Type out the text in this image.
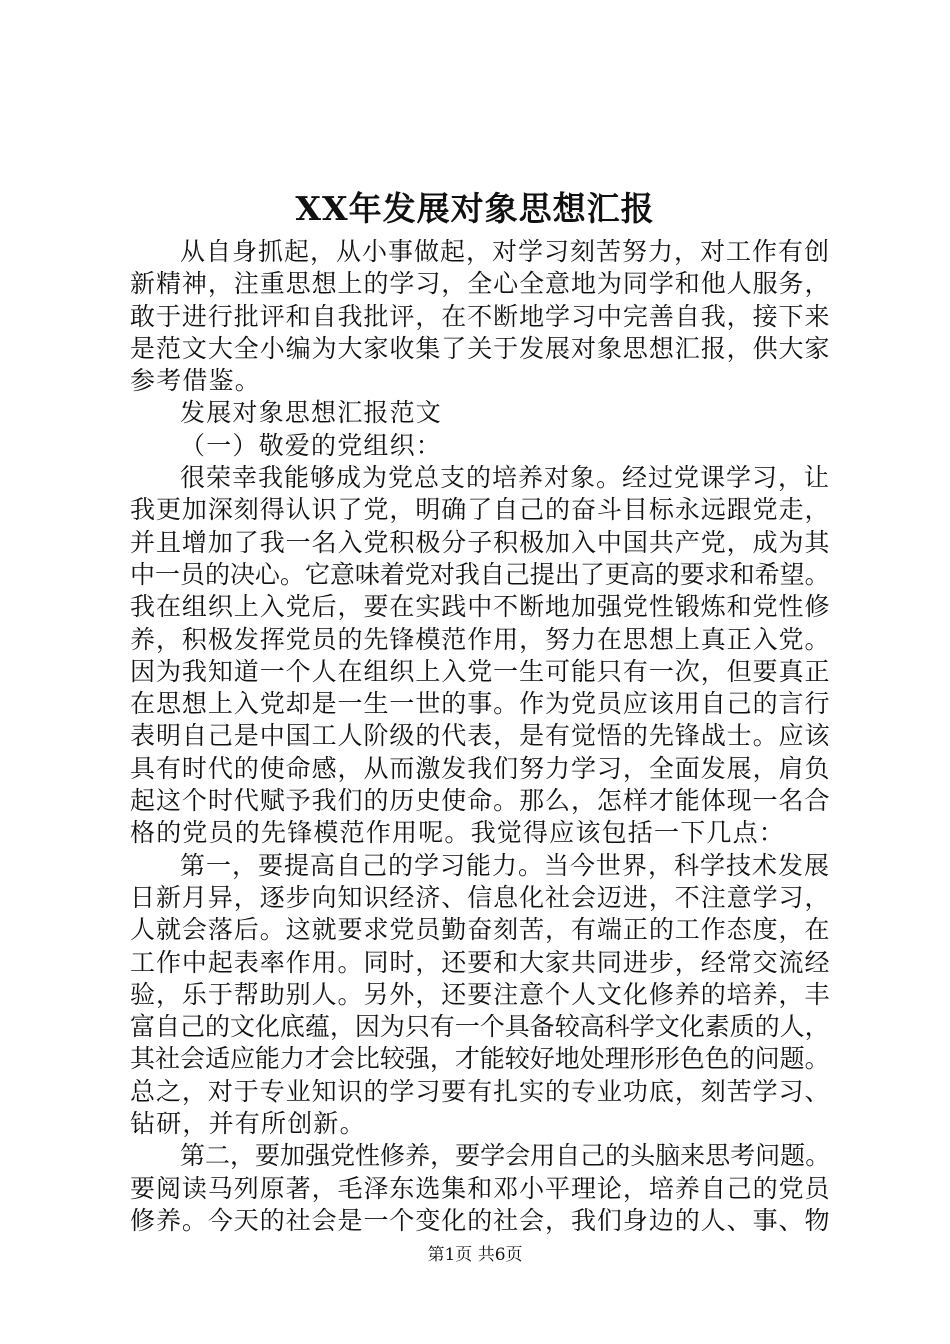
XX年发展对象思想汇报
从自身抓起，从小事做起，对学习刻苦努力，对工作有创
新精神，注重思想上的学习，全心全意地为同学和他人服务，
敢于进行批评和自我批评，在不断地学习中完善自我，接下来
是范文大全小编为大家收集了关于发展对象思想汇报，供大家
参考借鉴。
发展对象思想汇报范文
（一）敬爱的党组织：
很荣幸我能够成为党总支的培养对象。经过党课学习，让
我更加深刻得认识了党，明确了自己的奋斗目标永远跟党走，
并且增加了我一名入党积极分子积极加入中国共产党，成为其
中一员的决心。它意味着党对我自己提出了更高的要求和希望。
我在组织上入党后，要在实践中不断地加强党性锻炼和党性修
养，积极发挥党员的先锋模范作用，努力在思想上真正入党。
因为我知道一个人在组织上入党一生可能只有一次，但要真正
在思想上入党却是一生一世的事。作为党员应该用自己的言行
表明自己是中国工人阶级的代表，是有觉悟的先锋战士。应该
具有时代的使命感，从而激发我们努力学习，全面发展，肩负
起这个时代赋予我们的历史使命。那么，怎样才能体现一名合
格的党员的先锋模范作用呢。我觉得应该包括一下几点：
第一，要提高自己的学习能力。当今世界，科学技术发展
日新月异，逐步向知识经济、信息化社会迈进，不注意学习，
人就会落后。这就要求党员勤奋刻苦，有端正的工作态度，在
工作中起表率作用。同时，还要和大家共同进步，经常交流经
验，乐于帮助别人。另外，还要注意个人文化修养的培养，丰
富自己的文化底蕴，因为只有一个具备较高科学文化素质的人，
其社会适应能力才会比较强，才能较好地处理形形色色的问题。
总之，对于专业知识的学习要有扎实的专业功底，刻苦学习、
钻研，并有所创新。
第二，要加强党性修养，要学会用自己的头脑来思考问题。
要阅读马列原著，毛泽东选集和邓小平理论，培养自己的党员
修养。今天的社会是一个变化的社会，我们身边的人、事、物
第1页 共6页
